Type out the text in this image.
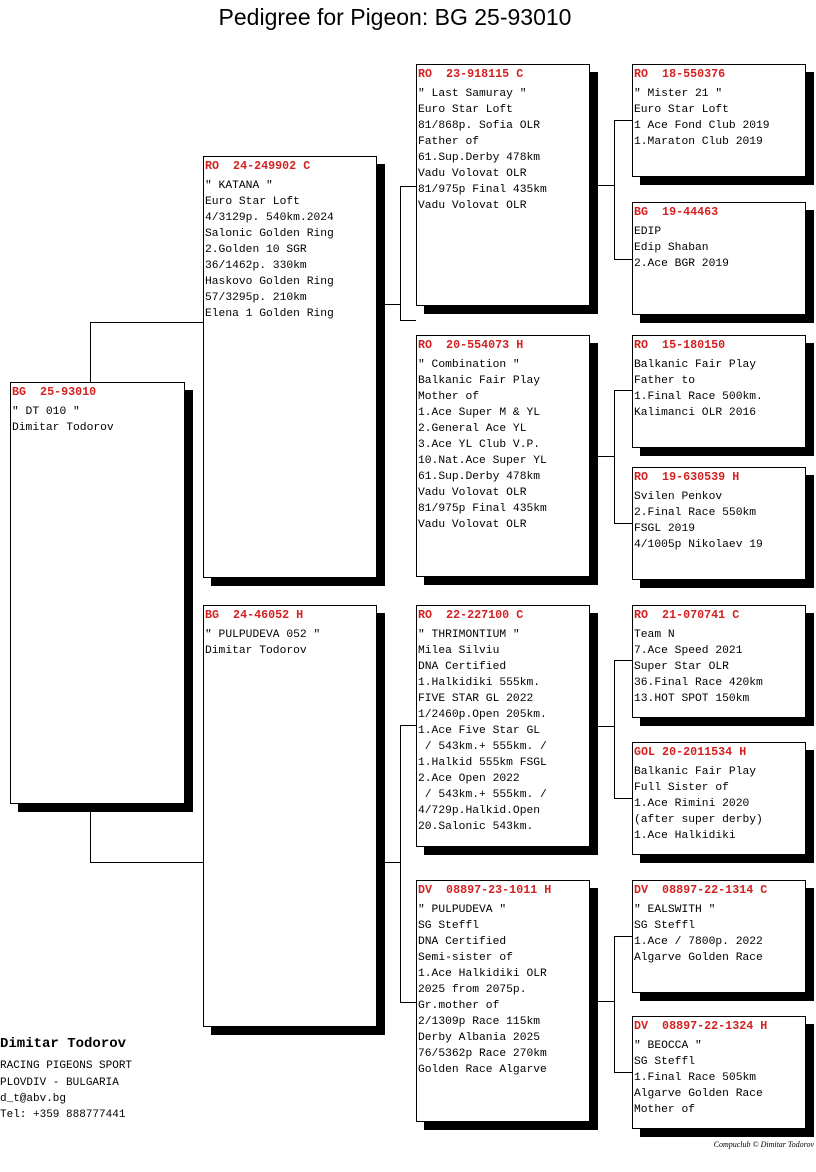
Pedigree for Pigeon: BG 25-93010
BG  25-93010
" DT 010 "
Dimitar Todorov
RO  24-249902 C
" KATANA "
Euro Star Loft
4/3129p. 540km.2024
Salonic Golden Ring
2.Golden 10 SGR
36/1462p. 330km
Haskovo Golden Ring
57/3295p. 210km
Elena 1 Golden Ring
BG  24-46052 H
" PULPUDEVA 052 "
Dimitar Todorov
RO  23-918115 C
" Last Samuray "
Euro Star Loft
81/868p. Sofia OLR
Father of
61.Sup.Derby 478km
Vadu Volovat OLR
81/975p Final 435km
Vadu Volovat OLR
RO  20-554073 H
" Combination "
Balkanic Fair Play
Mother of
1.Ace Super M & YL
2.General Ace YL
3.Ace YL Club V.P.
10.Nat.Ace Super YL
61.Sup.Derby 478km
Vadu Volovat OLR
81/975p Final 435km
Vadu Volovat OLR
RO  22-227100 C
" THRIMONTIUM "
Milea Silviu
DNA Certified
1.Halkidiki 555km.
FIVE STAR GL 2022
1/2460p.Open 205km.
1.Ace Five Star GL
/ 543km.+ 555km. /
1.Halkid 555km FSGL
2.Ace Open 2022
/ 543km.+ 555km. /
4/729p.Halkid.Open
20.Salonic 543km.
DV  08897-23-1011 H
" PULPUDEVA "
SG Steffl
DNA Certified
Semi-sister of
1.Ace Halkidiki OLR
2025 from 2075p.
Gr.mother of
2/1309p Race 115km
Derby Albania 2025
76/5362p Race 270km
Golden Race Algarve
RO  18-550376
" Mister 21 "
Euro Star Loft
1 Ace Fond Club 2019
1.Maraton Club 2019
BG  19-44463
EDIP
Edip Shaban
2.Ace BGR 2019
RO  15-180150
Balkanic Fair Play
Father to
1.Final Race 500km.
Kalimanci OLR 2016
RO  19-630539 H
Svilen Penkov
2.Final Race 550km
FSGL 2019
4/1005p Nikolaev 19
RO  21-070741 C
Team N
7.Ace Speed 2021
Super Star OLR
36.Final Race 420km
13.HOT SPOT 150km
GOL 20-2011534 H
Balkanic Fair Play
Full Sister of
1.Ace Rimini 2020
(after super derby)
1.Ace Halkidiki
DV  08897-22-1314 C
" EALSWITH "
SG Steffl
1.Ace / 7800p. 2022
Algarve Golden Race
DV  08897-22-1324 H
" BEOCCA "
SG Steffl
1.Final Race 505km
Algarve Golden Race
Mother of
Dimitar Todorov
RACING PIGEONS SPORT
PLOVDIV - BULGARIA
d_t@abv.bg
Tel: +359 888777441
Compuclub © Dimitar Todorov
